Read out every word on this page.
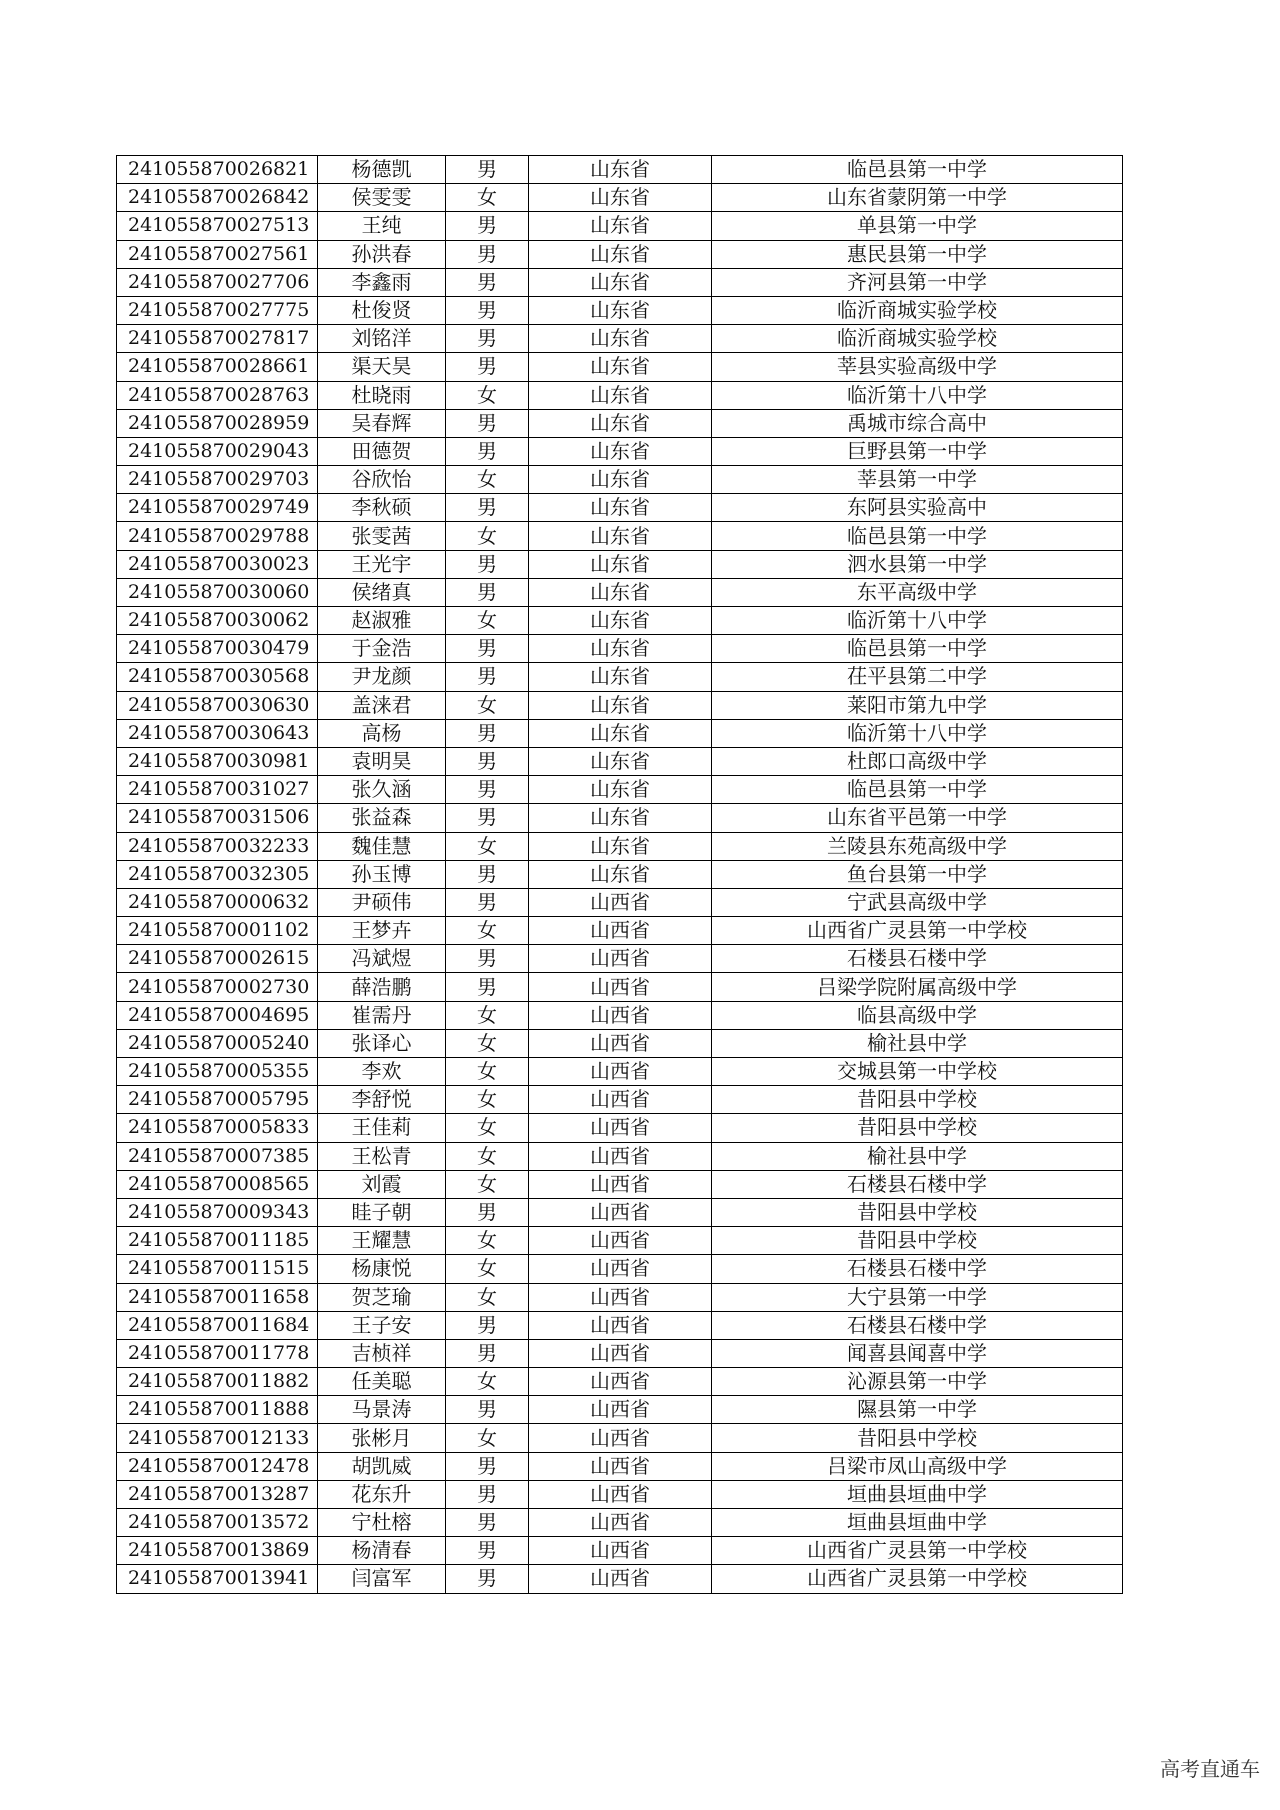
241055870026821	杨德凯	男	山东省	临邑县第一中学
241055870026842	侯雯雯	女	山东省	山东省蒙阴第一中学
241055870027513	王纯	男	山东省	单县第一中学
241055870027561	孙洪春	男	山东省	惠民县第一中学
241055870027706	李鑫雨	男	山东省	齐河县第一中学
241055870027775	杜俊贤	男	山东省	临沂商城实验学校
241055870027817	刘铭洋	男	山东省	临沂商城实验学校
241055870028661	渠天昊	男	山东省	莘县实验高级中学
241055870028763	杜晓雨	女	山东省	临沂第十八中学
241055870028959	吴春辉	男	山东省	禹城市综合高中
241055870029043	田德贺	男	山东省	巨野县第一中学
241055870029703	谷欣怡	女	山东省	莘县第一中学
241055870029749	李秋硕	男	山东省	东阿县实验高中
241055870029788	张雯茜	女	山东省	临邑县第一中学
241055870030023	王光宇	男	山东省	泗水县第一中学
241055870030060	侯绪真	男	山东省	东平高级中学
241055870030062	赵淑雅	女	山东省	临沂第十八中学
241055870030479	于金浩	男	山东省	临邑县第一中学
241055870030568	尹龙颜	男	山东省	茌平县第二中学
241055870030630	盖涞君	女	山东省	莱阳市第九中学
241055870030643	高杨	男	山东省	临沂第十八中学
241055870030981	袁明昊	男	山东省	杜郎口高级中学
241055870031027	张久涵	男	山东省	临邑县第一中学
241055870031506	张益森	男	山东省	山东省平邑第一中学
241055870032233	魏佳慧	女	山东省	兰陵县东苑高级中学
241055870032305	孙玉博	男	山东省	鱼台县第一中学
241055870000632	尹硕伟	男	山西省	宁武县高级中学
241055870001102	王梦卉	女	山西省	山西省广灵县第一中学校
241055870002615	冯斌煜	男	山西省	石楼县石楼中学
241055870002730	薛浩鹏	男	山西省	吕梁学院附属高级中学
241055870004695	崔需丹	女	山西省	临县高级中学
241055870005240	张译心	女	山西省	榆社县中学
241055870005355	李欢	女	山西省	交城县第一中学校
241055870005795	李舒悦	女	山西省	昔阳县中学校
241055870005833	王佳莉	女	山西省	昔阳县中学校
241055870007385	王松青	女	山西省	榆社县中学
241055870008565	刘霞	女	山西省	石楼县石楼中学
241055870009343	眭子朝	男	山西省	昔阳县中学校
241055870011185	王耀慧	女	山西省	昔阳县中学校
241055870011515	杨康悦	女	山西省	石楼县石楼中学
241055870011658	贺芝瑜	女	山西省	大宁县第一中学
241055870011684	王子安	男	山西省	石楼县石楼中学
241055870011778	吉桢祥	男	山西省	闻喜县闻喜中学
241055870011882	任美聪	女	山西省	沁源县第一中学
241055870011888	马景涛	男	山西省	隰县第一中学
241055870012133	张彬月	女	山西省	昔阳县中学校
241055870012478	胡凯威	男	山西省	吕梁市凤山高级中学
241055870013287	花东升	男	山西省	垣曲县垣曲中学
241055870013572	宁杜榕	男	山西省	垣曲县垣曲中学
241055870013869	杨清春	男	山西省	山西省广灵县第一中学校
241055870013941	闫富军	男	山西省	山西省广灵县第一中学校
高考直通车
